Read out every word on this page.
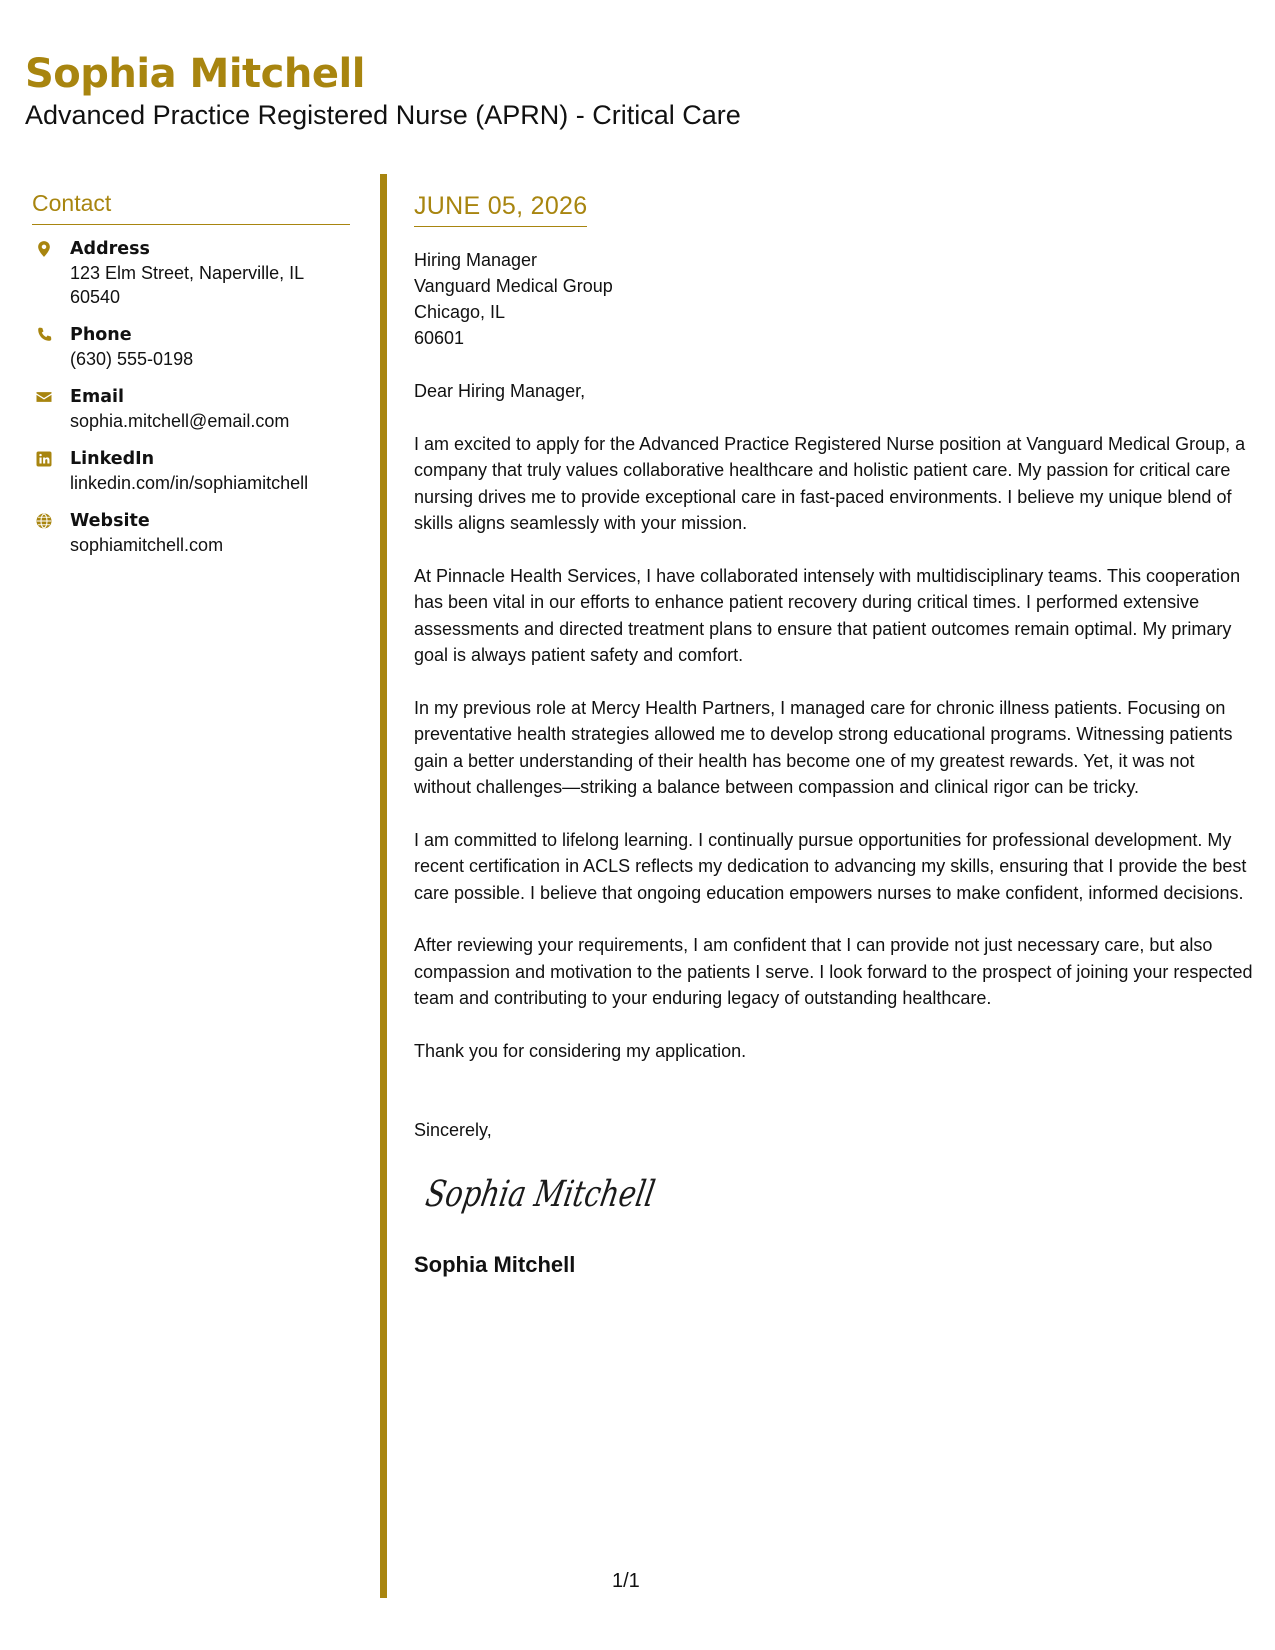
Sophia Mitchell
Advanced Practice Registered Nurse (APRN) - Critical Care
Contact
Address
123 Elm Street, Naperville, IL 60540
Phone
(630) 555-0198
Email
sophia.mitchell@email.com
LinkedIn
linkedin.com/in/sophiamitchell
Website
sophiamitchell.com
JUNE 05, 2026
Hiring Manager
Vanguard Medical Group
Chicago, IL
60601
Dear Hiring Manager,
I am excited to apply for the Advanced Practice Registered Nurse position at Vanguard Medical Group, a company that truly values collaborative healthcare and holistic patient care. My passion for critical care nursing drives me to provide exceptional care in fast-paced environments. I believe my unique blend of skills aligns seamlessly with your mission.
At Pinnacle Health Services, I have collaborated intensely with multidisciplinary teams. This cooperation has been vital in our efforts to enhance patient recovery during critical times. I performed extensive assessments and directed treatment plans to ensure that patient outcomes remain optimal. My primary goal is always patient safety and comfort.
In my previous role at Mercy Health Partners, I managed care for chronic illness patients. Focusing on preventative health strategies allowed me to develop strong educational programs. Witnessing patients gain a better understanding of their health has become one of my greatest rewards. Yet, it was not without challenges—striking a balance between compassion and clinical rigor can be tricky.
I am committed to lifelong learning. I continually pursue opportunities for professional development. My recent certification in ACLS reflects my dedication to advancing my skills, ensuring that I provide the best care possible. I believe that ongoing education empowers nurses to make confident, informed decisions.
After reviewing your requirements, I am confident that I can provide not just necessary care, but also compassion and motivation to the patients I serve. I look forward to the prospect of joining your respected team and contributing to your enduring legacy of outstanding healthcare.
Thank you for considering my application.
Sincerely,
Sophia Mitchell
Sophia Mitchell
1/1
